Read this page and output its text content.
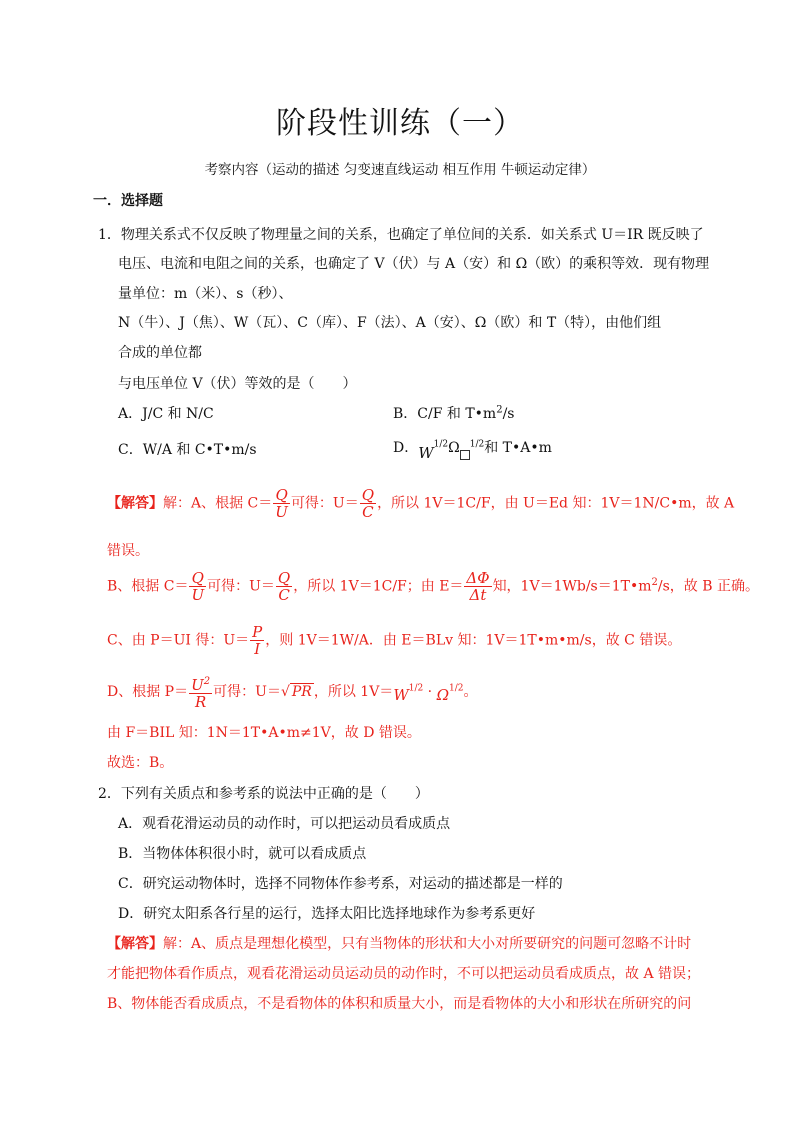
阶段性训练（一）
考察内容（运动的描述 匀变速直线运动 相互作用 牛顿运动定律）
一．选择题
1．物理关系式不仅反映了物理量之间的关系，也确定了单位间的关系．如关系式 U＝IR 既反映了
电压、电流和电阻之间的关系，也确定了 V（伏）与 A（安）和 Ω（欧）的乘积等效．现有物理
量单位：m（米）、s（秒）、
N（牛）、J（焦）、W（瓦）、C（库）、F（法）、A（安）、Ω（欧）和 T（特），由他们组
合成的单位都
与电压单位 V（伏）等效的是（　　）
A．J/C 和 N/C	B．C/F 和 $T•m^2/s$
C．W/A 和 C•T•m/s	D．$W^{1/2}\Omega$ $^{1/2}$和 T•A•m
【解答】解：A、根据 $C= \frac{Q}{U}$ 可得：$U= \frac{Q}{C}$ ，所以 1V＝1C/F，由 U＝Ed 知：1V＝1N/C•m，故 A
错误。
B、根据 $C= \frac{Q}{U}$ 可得：$U= \frac{Q}{C}$ ，所以 1V＝1C/F；由 $E= \frac{\Delta\Phi}{\Delta t}$ 知，$1V=1Wb/s=1T•m^2/s$，故 B 正确。
C、由 P＝UI 得：$U= \frac{P}{I}$ ，则 1V＝1W/A．由 E＝BLv 知：1V＝1T•m•m/s，故 C 错误。
D、根据 $P= \frac{U^2}{R}$ 可得：U＝√ PR ，所以 $1V=W^{1/2} \cdot \Omega^{1/2}$。
由 F＝BIL 知：1N＝1T•A•m≠1V，故 D 错误。
故选：B。
2．下列有关质点和参考系的说法中正确的是（　　）
A．观看花滑运动员的动作时，可以把运动员看成质点
B．当物体体积很小时，就可以看成质点
C．研究运动物体时，选择不同物体作参考系，对运动的描述都是一样的
D．研究太阳系各行星的运行，选择太阳比选择地球作为参考系更好
【解答】解：A、质点是理想化模型，只有当物体的形状和大小对所要研究的问题可忽略不计时
才能把物体看作质点，观看花滑运动员运动员的动作时，不可以把运动员看成质点，故 A 错误；
B、物体能否看成质点，不是看物体的体积和质量大小，而是看物体的大小和形状在所研究的问
